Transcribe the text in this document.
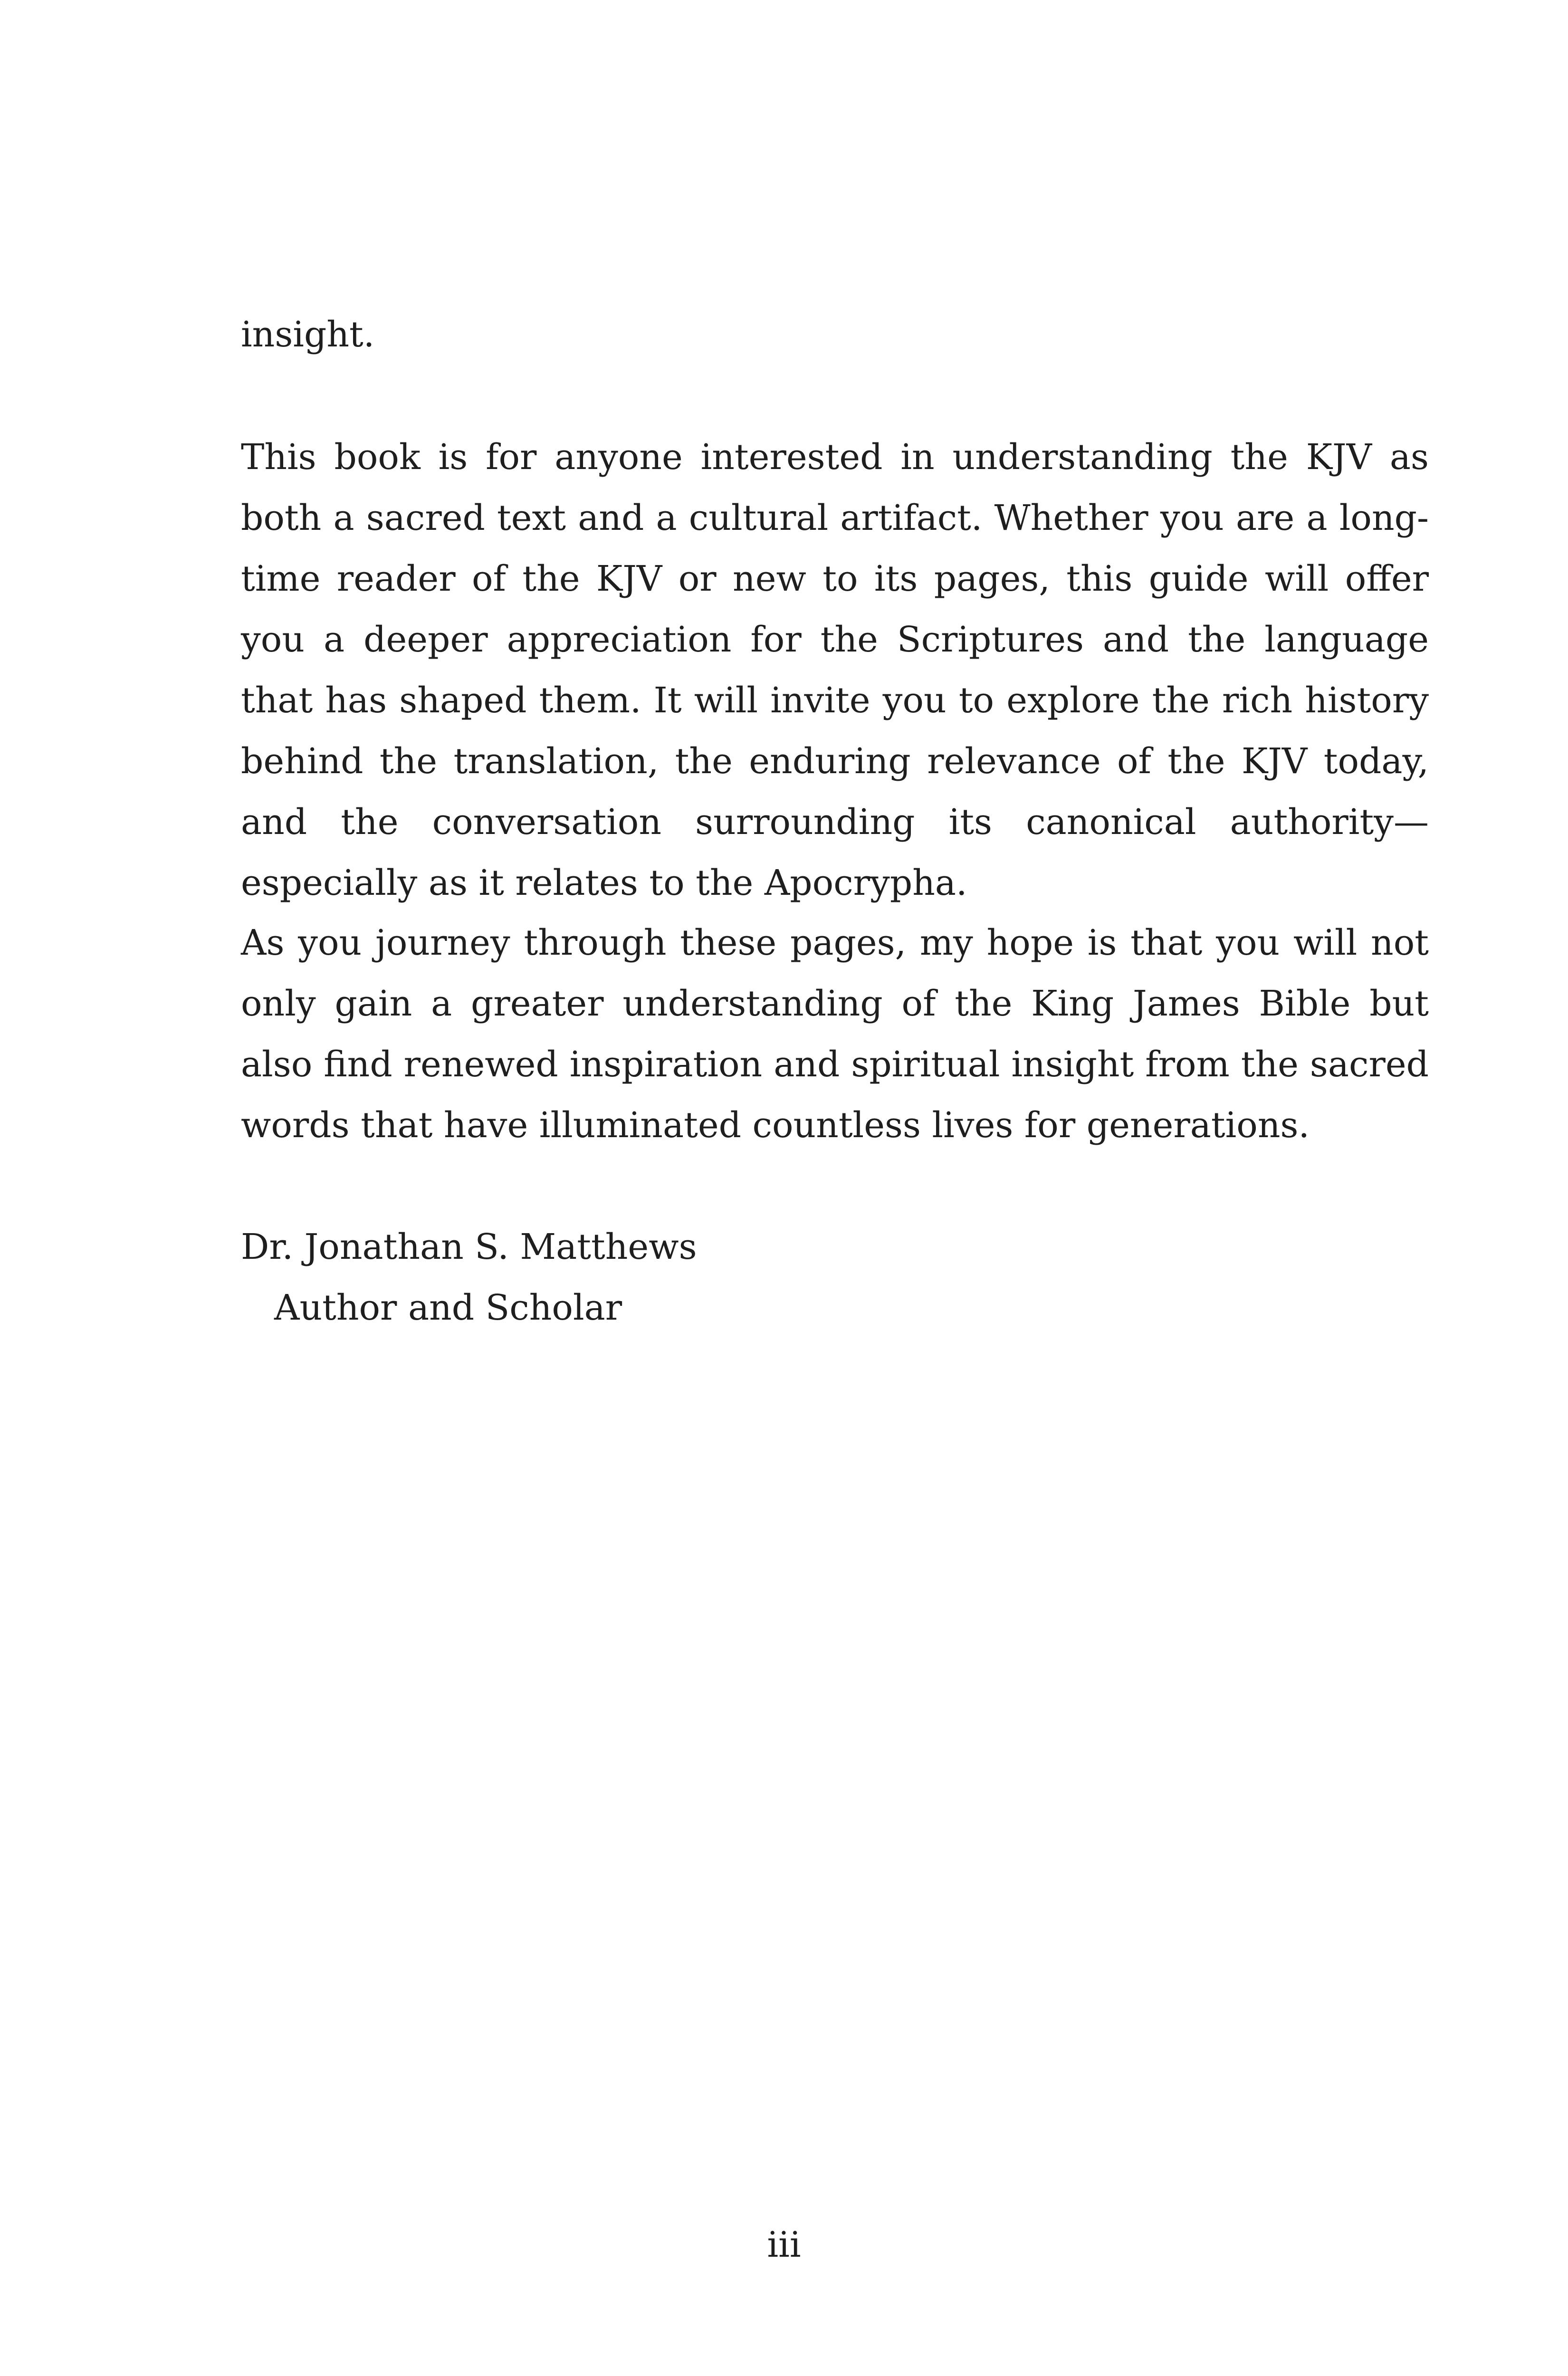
insight.

This book is for anyone interested in understanding the KJV as both a sacred text and a cultural artifact. Whether you are a long-time reader of the KJV or new to its pages, this guide will offer you a deeper appreciation for the Scriptures and the language that has shaped them. It will invite you to explore the rich history behind the translation, the enduring relevance of the KJV today, and the conversation surrounding its canonical authority—especially as it relates to the Apocrypha.

As you journey through these pages, my hope is that you will not only gain a greater understanding of the King James Bible but also find renewed inspiration and spiritual insight from the sacred words that have illuminated countless lives for generations.

Dr. Jonathan S. Matthews

Author and Scholar

iii
